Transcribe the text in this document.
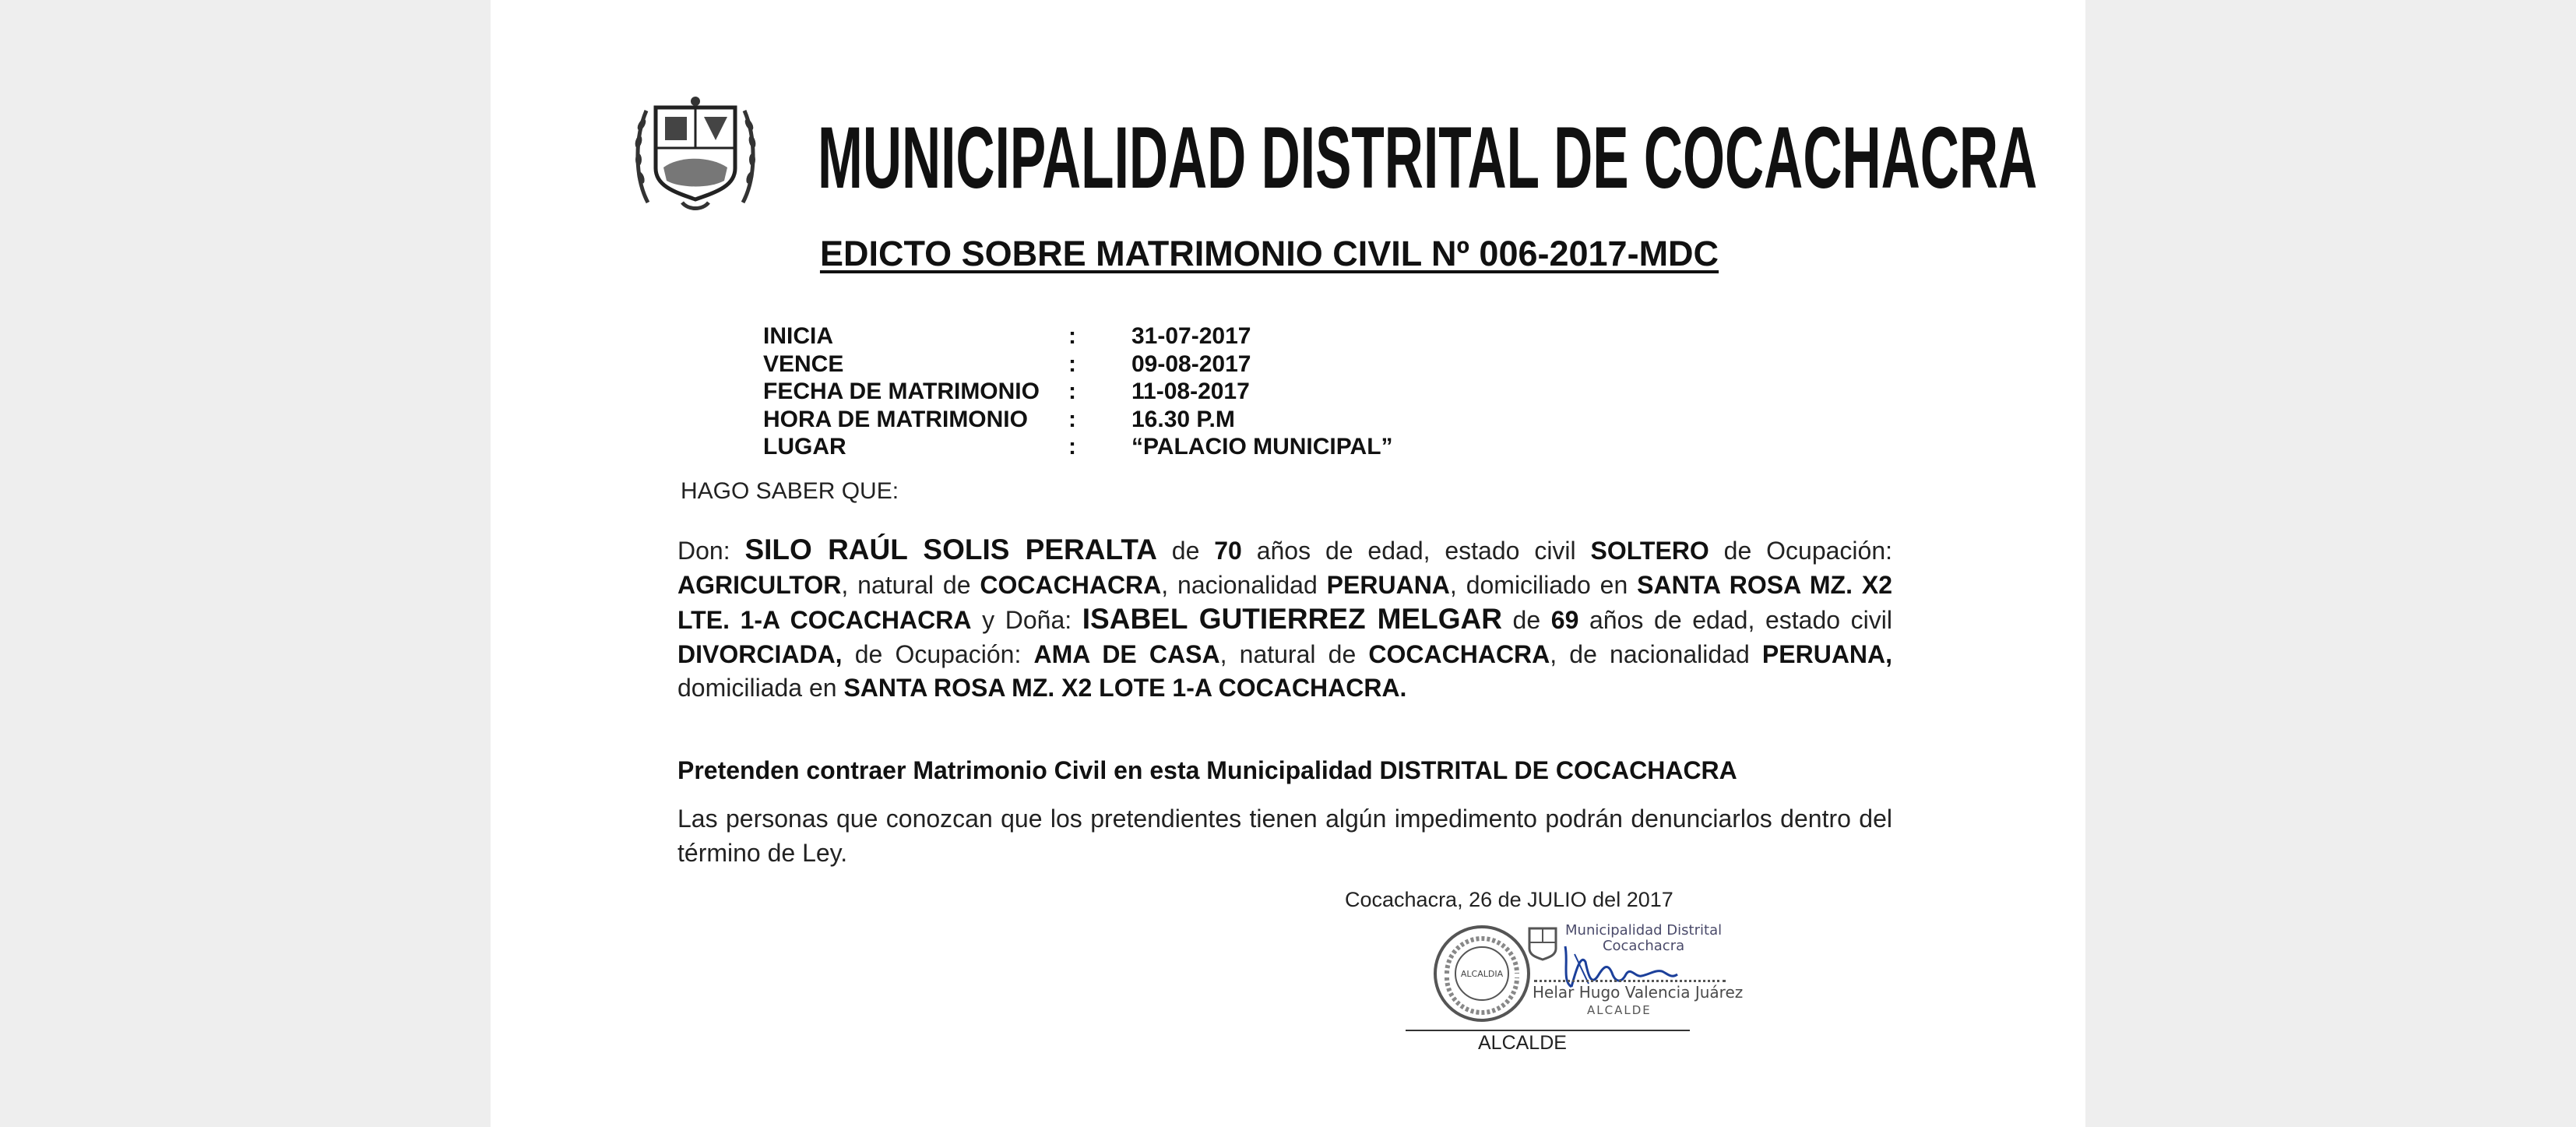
MUNICIPALIDAD DISTRITAL DE COCACHACRA
EDICTO SOBRE MATRIMONIO CIVIL Nº 006-2017-MDC
INICIA	: 31-07-2017
VENCE	: 09-08-2017
FECHA DE MATRIMONIO : 11-08-2017
HORA DE MATRIMONIO : 16.30 P.M
LUGAR	: “PALACIO MUNICIPAL”
HAGO SABER QUE:
Don: SILO RAÚL SOLIS PERALTA de 70 años de edad, estado civil SOLTERO de Ocupación: AGRICULTOR, natural de COCACHACRA, nacionalidad PERUANA, domiciliado en SANTA ROSA MZ. X2 LTE. 1-A COCACHACRA y Doña: ISABEL GUTIERREZ MELGAR de 69 años de edad, estado civil DIVORCIADA, de Ocupación: AMA DE CASA, natural de COCACHACRA, de nacionalidad PERUANA, domiciliada en SANTA ROSA MZ. X2 LOTE 1-A COCACHACRA.
Pretenden contraer Matrimonio Civil en esta Municipalidad DISTRITAL DE COCACHACRA
Las personas que conozcan que los pretendientes tienen algún impedimento podrán denunciarlos dentro del término de Ley.
Cocachacra, 26 de JULIO del 2017
ALCALDIA
Municipalidad Distrital
Cocachacra
Helar Hugo Valencia Juárez
ALCALDE
ALCALDE
